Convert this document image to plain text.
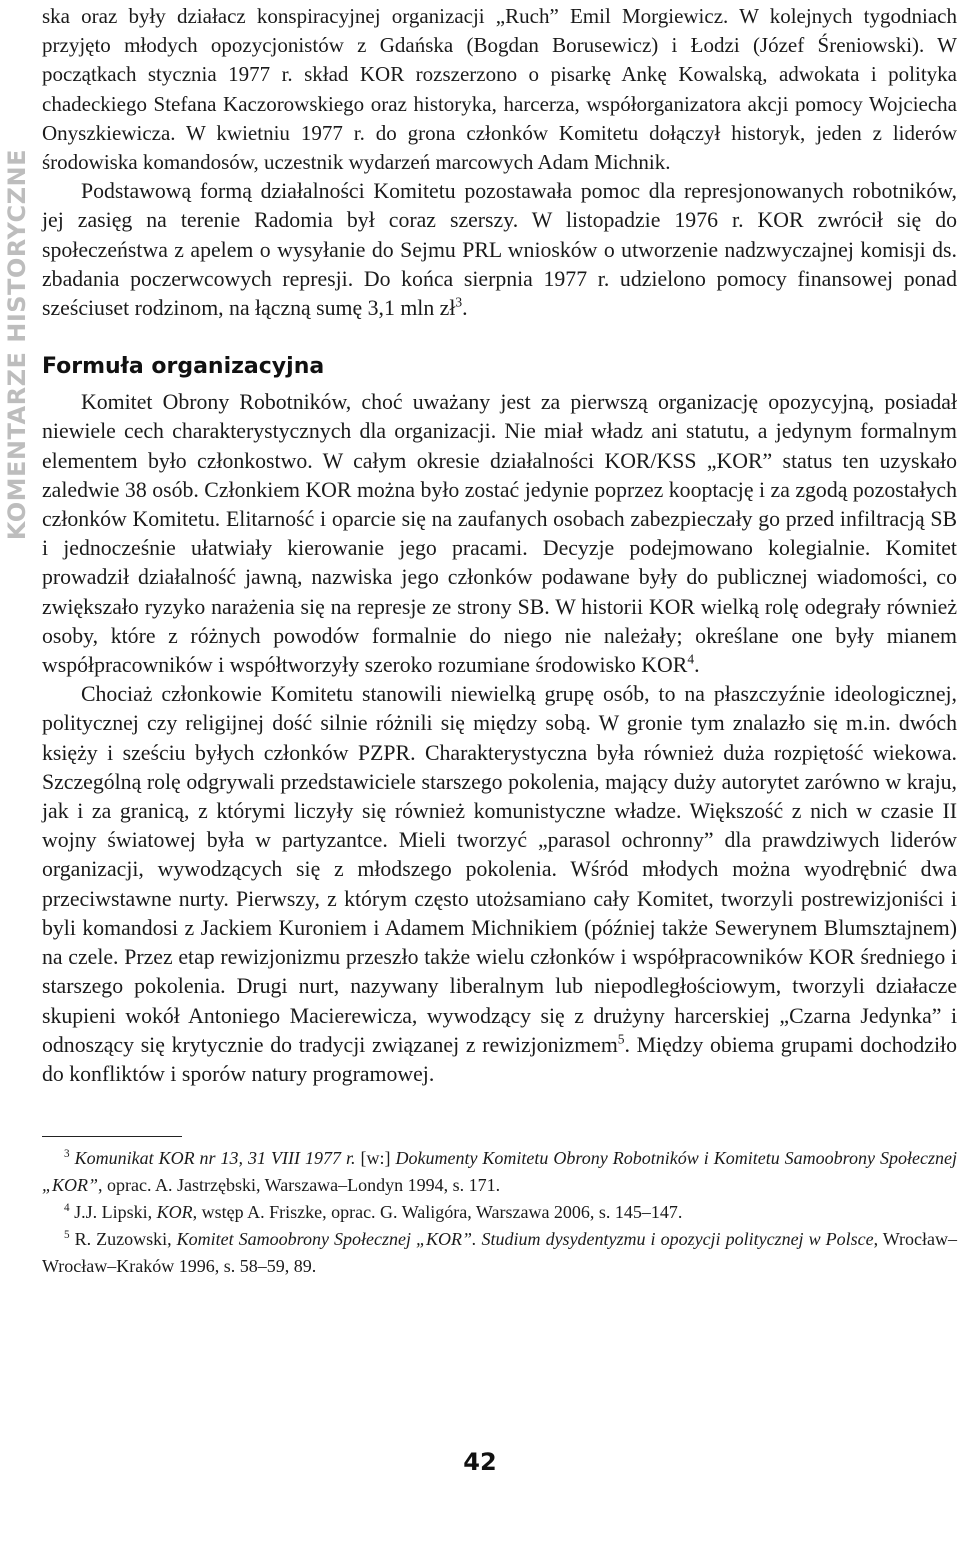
KOMENTARZE HISTORYCZNE

ska oraz były działacz konspiracyjnej organizacji „Ruch” Emil Morgiewicz. W kolejnych tygodniach przyjęto młodych opozycjonistów z Gdańska (Bogdan Borusewicz) i Łodzi (Józef Śreniowski). W początkach stycznia 1977 r. skład KOR rozszerzono o pisarkę Ankę Kowalską, adwokata i polityka chadeckiego Stefana Kaczorowskiego oraz historyka, harcerza, współorganizatora akcji pomocy Wojciecha Onyszkiewicza. W kwietniu 1977 r. do grona członków Komitetu dołączył historyk, jeden z liderów środowiska komandosów, uczestnik wydarzeń marcowych Adam Michnik.

Podstawową formą działalności Komitetu pozostawała pomoc dla represjonowanych robotników, jej zasięg na terenie Radomia był coraz szerszy. W listopadzie 1976 r. KOR zwrócił się do społeczeństwa z apelem o wysyłanie do Sejmu PRL wniosków o utworzenie nadzwyczajnej komisji ds. zbadania poczerwcowych represji. Do końca sierpnia 1977 r. udzielono pomocy finansowej ponad sześciuset rodzinom, na łączną sumę 3,1 mln $zł^3$.

Formuła organizacyjna

Komitet Obrony Robotników, choć uważany jest za pierwszą organizację opozycyjną, posiadał niewiele cech charakterystycznych dla organizacji. Nie miał władz ani statutu, a jedynym formalnym elementem było członkostwo. W całym okresie działalności KOR/KSS „KOR” status ten uzyskało zaledwie 38 osób. Członkiem KOR można było zostać jedynie poprzez kooptację i za zgodą pozostałych członków Komitetu. Elitarność i oparcie się na zaufanych osobach zabezpieczały go przed infiltracją SB i jednocześnie ułatwiały kierowanie jego pracami. Decyzje podejmowano kolegialnie. Komitet prowadził działalność jawną, nazwiska jego członków podawane były do publicznej wiadomości, co zwiększało ryzyko narażenia się na represje ze strony SB. W historii KOR wielką rolę odegrały również osoby, które z różnych powodów formalnie do niego nie należały; określane one były mianem współpracowników i współtworzyły szeroko rozumiane środowisko KOR$^4$.

Chociaż członkowie Komitetu stanowili niewielką grupę osób, to na płaszczyźnie ideologicznej, politycznej czy religijnej dość silnie różnili się między sobą. W gronie tym znalazło się m.in. dwóch księży i sześciu byłych członków PZPR. Charakterystyczna była również duża rozpiętość wiekowa. Szczególną rolę odgrywali przedstawiciele starszego pokolenia, mający duży autorytet zarówno w kraju, jak i za granicą, z którymi liczyły się również komunistyczne władze. Większość z nich w czasie II wojny światowej była w partyzantce. Mieli tworzyć „parasol ochronny” dla prawdziwych liderów organizacji, wywodzących się z młodszego pokolenia. Wśród młodych można wyodrębnić dwa przeciwstawne nurty. Pierwszy, z którym często utożsamiano cały Komitet, tworzyli postrewizjoniści i byli komandosi z Jackiem Kuroniem i Adamem Michnikiem (później także Sewerynem Blumsztajnem) na czele. Przez etap rewizjonizmu przeszło także wielu członków i współpracowników KOR średniego i starszego pokolenia. Drugi nurt, nazywany liberalnym lub niepodległościowym, tworzyli działacze skupieni wokół Antoniego Macierewicza, wywodzący się z drużyny harcerskiej „Czarna Jedynka” i odnoszący się krytycznie do tradycji związanej z rewizjonizmem$^5$. Między obiema grupami dochodziło do konfliktów i sporów natury programowej.

$^3$ Komunikat KOR nr 13, 31 VIII 1977 r. [w:] Dokumenty Komitetu Obrony Robotników i Komitetu Samoobrony Społecznej „KOR”, oprac. A. Jastrzębski, Warszawa–Londyn 1994, s. 171.

$^4$ J.J. Lipski, KOR, wstęp A. Friszke, oprac. G. Waligóra, Warszawa 2006, s. 145–147.

$^5$ R. Zuzowski, Komitet Samoobrony Społecznej „KOR”. Studium dysydentyzmu i opozycji politycznej w Polsce, Wrocław–Wrocław–Kraków 1996, s. 58–59, 89.

42
